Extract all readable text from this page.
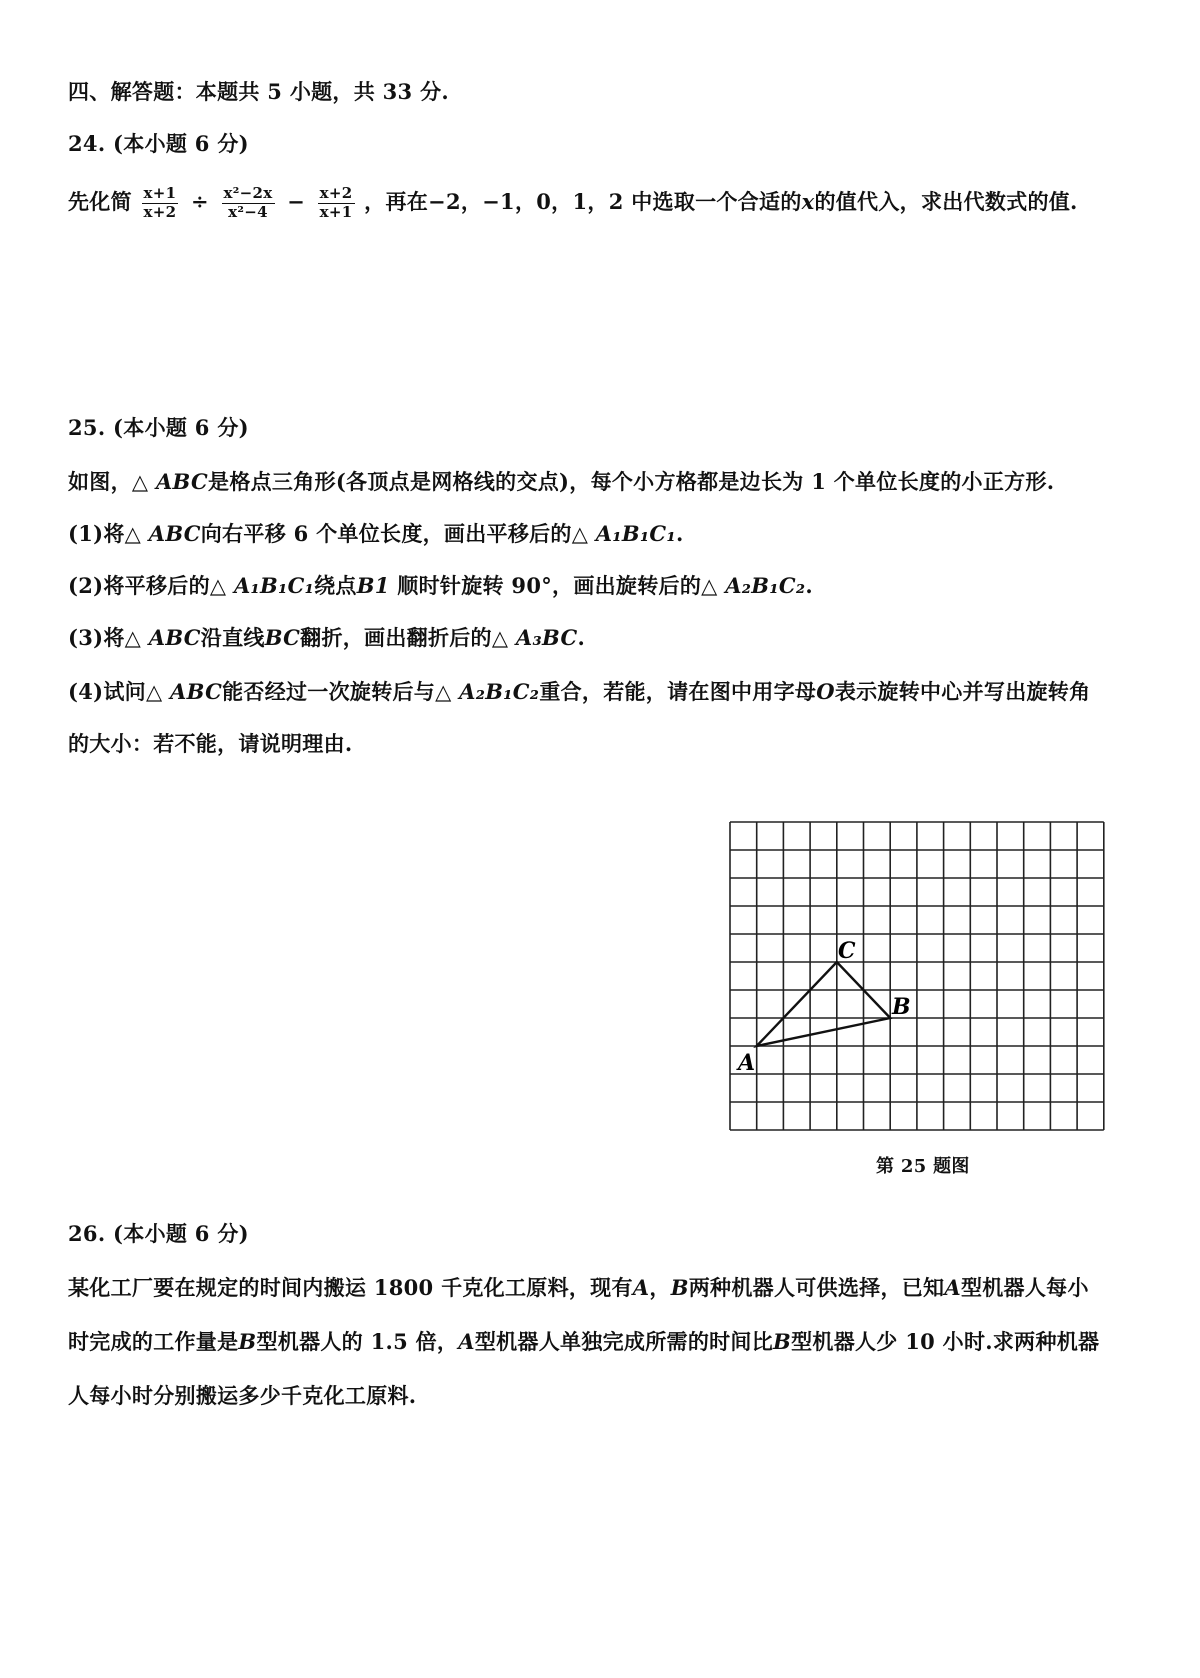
四、解答题：本题共 5 小题，共 33 分.
24. (本小题 6 分)
先化简 $\frac{x+1}{x+2} \div \frac{\text{x²−2x}}{\text{x²−4}} - \frac{x+2}{x+1}$ ，再在−2，−1，0，1，2 中选取一个合适的x的值代入，求出代数式的值.
25. (本小题 6 分)
如图，△ ABC是格点三角形(各顶点是网格线的交点)，每个小方格都是边长为 1 个单位长度的小正方形.
(1)将△ ABC向右平移 6 个单位长度，画出平移后的△ A₁B₁C₁.
(2)将平移后的△ A₁B₁C₁绕点B1 顺时针旋转 90°，画出旋转后的△ A₂B₁C₂.
(3)将△ ABC沿直线BC翻折，画出翻折后的△ A₃BC.
(4)试问△ ABC能否经过一次旋转后与△ A₂B₁C₂重合，若能，请在图中用字母O表示旋转中心并写出旋转角
的大小：若不能，请说明理由.
A
B
C
第 25 题图
26. (本小题 6 分)
某化工厂要在规定的时间内搬运 1800 千克化工原料，现有A，B两种机器人可供选择，已知A型机器人每小
时完成的工作量是B型机器人的 1.5 倍，A型机器人单独完成所需的时间比B型机器人少 10 小时.求两种机器
人每小时分别搬运多少千克化工原料.
